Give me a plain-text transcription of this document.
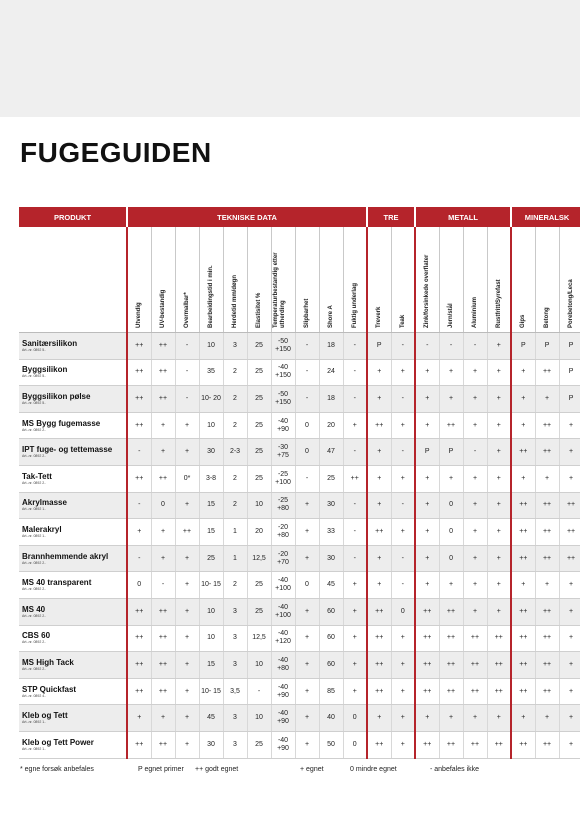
FUGEGUIDEN
PRODUKT	TEKNISKE DATA										TRE		METALL				MINERALSK		

	Utvendig	UV-bestandig	Overmalbar*	Bearbeidingstid i min.	Herdetid mm/døgn	Elastisitet %	Temperaturbestandig etter utherding	Slipbarhet	Shore A	Fuktig underlag	Treverk	Teak	Zink/forsinkede overflater	Jern/stål	Aluminium	Rustfritt/Syrefast	Gips	Betong	Porebetong/Leca

Sanitærsilikon
Art.-nr. 0892 5..	++	++	-	10	3	25	-50 +150	-	18	-	P	-	-	-	-	+	P	P	P

Byggsilikon
Art.-nr. 0892 5..	++	++	-	35	2	25	-40 +150	-	24	-	+	+	+	+	+	+	+	++	P

Byggsilikon pølse
Art.-nr. 0892 5..	++	++	-	10- 20	2	25	-50 +150	-	18	-	+	-	+	+	+	+	+	+	P

MS Bygg fugemasse
Art.-nr. 0892 2..	++	+	+	10	2	25	-40 +90	0	20	+	++	+	+	++	+	+	+	++	+

IPT fuge- og tettemasse
Art.-nr. 0892 2..	-	+	+	30	2-3	25	-30 +75	0	47	-	+	-	P	P	-	+	++	++	+

Tak-Tett
Art.-nr. 0892 2..	++	++	0*	3-8	2	25	-25 +100	-	25	++	+	+	+	+	+	+	+	+	+

Akrylmasse
Art.-nr. 0892 1..	-	0	+	15	2	10	-25 +80	+	30	-	+	-	+	0	+	+	++	++	++

Malerakryl
Art.-nr. 0892 1..	+	+	++	15	1	20	-20 +80	+	33	-	++	+	+	0	+	+	++	++	++

Brannhemmende akryl
Art.-nr. 0892 2..	-	+	+	25	1	12,5	-20 +70	+	30	-	+	-	+	0	+	+	++	++	++

MS 40 transparent
Art.-nr. 0892 2..	0	-	+	10- 15	2	25	-40 +100	0	45	+	+	-	+	+	+	+	+	+	+

MS 40
Art.-nr. 0892 2..	++	++	+	10	3	25	-40 +100	+	60	+	++	0	++	++	+	+	++	++	+

CBS 60
Art.-nr. 0892 2..	++	++	+	10	3	12,5	-40 +120	+	60	+	++	+	++	++	++	++	++	++	+

MS High Tack
Art.-nr. 0892 2..	++	++	+	15	3	10	-40 +80	+	60	+	++	+	++	++	++	++	++	++	+

STP Quickfast
Art.-nr. 0892 4..	++	++	+	10- 15	3,5	-	-40 +90	+	85	+	++	+	++	++	++	++	++	++	+

Kleb og Tett
Art.-nr. 0892 1..	+	+	+	45	3	10	-40 +90	+	40	0	+	+	+	+	+	+	+	+	+

Kleb og Tett Power
Art.-nr. 0892 1..	++	++	+	30	3	25	-40 +90	+	50	0	++	+	++	++	++	++	++	++	+
* egne forsøk anbefales	P egnet primer ++ godt egnet	+ egnet	0 mindre egnet	- anbefales ikke
